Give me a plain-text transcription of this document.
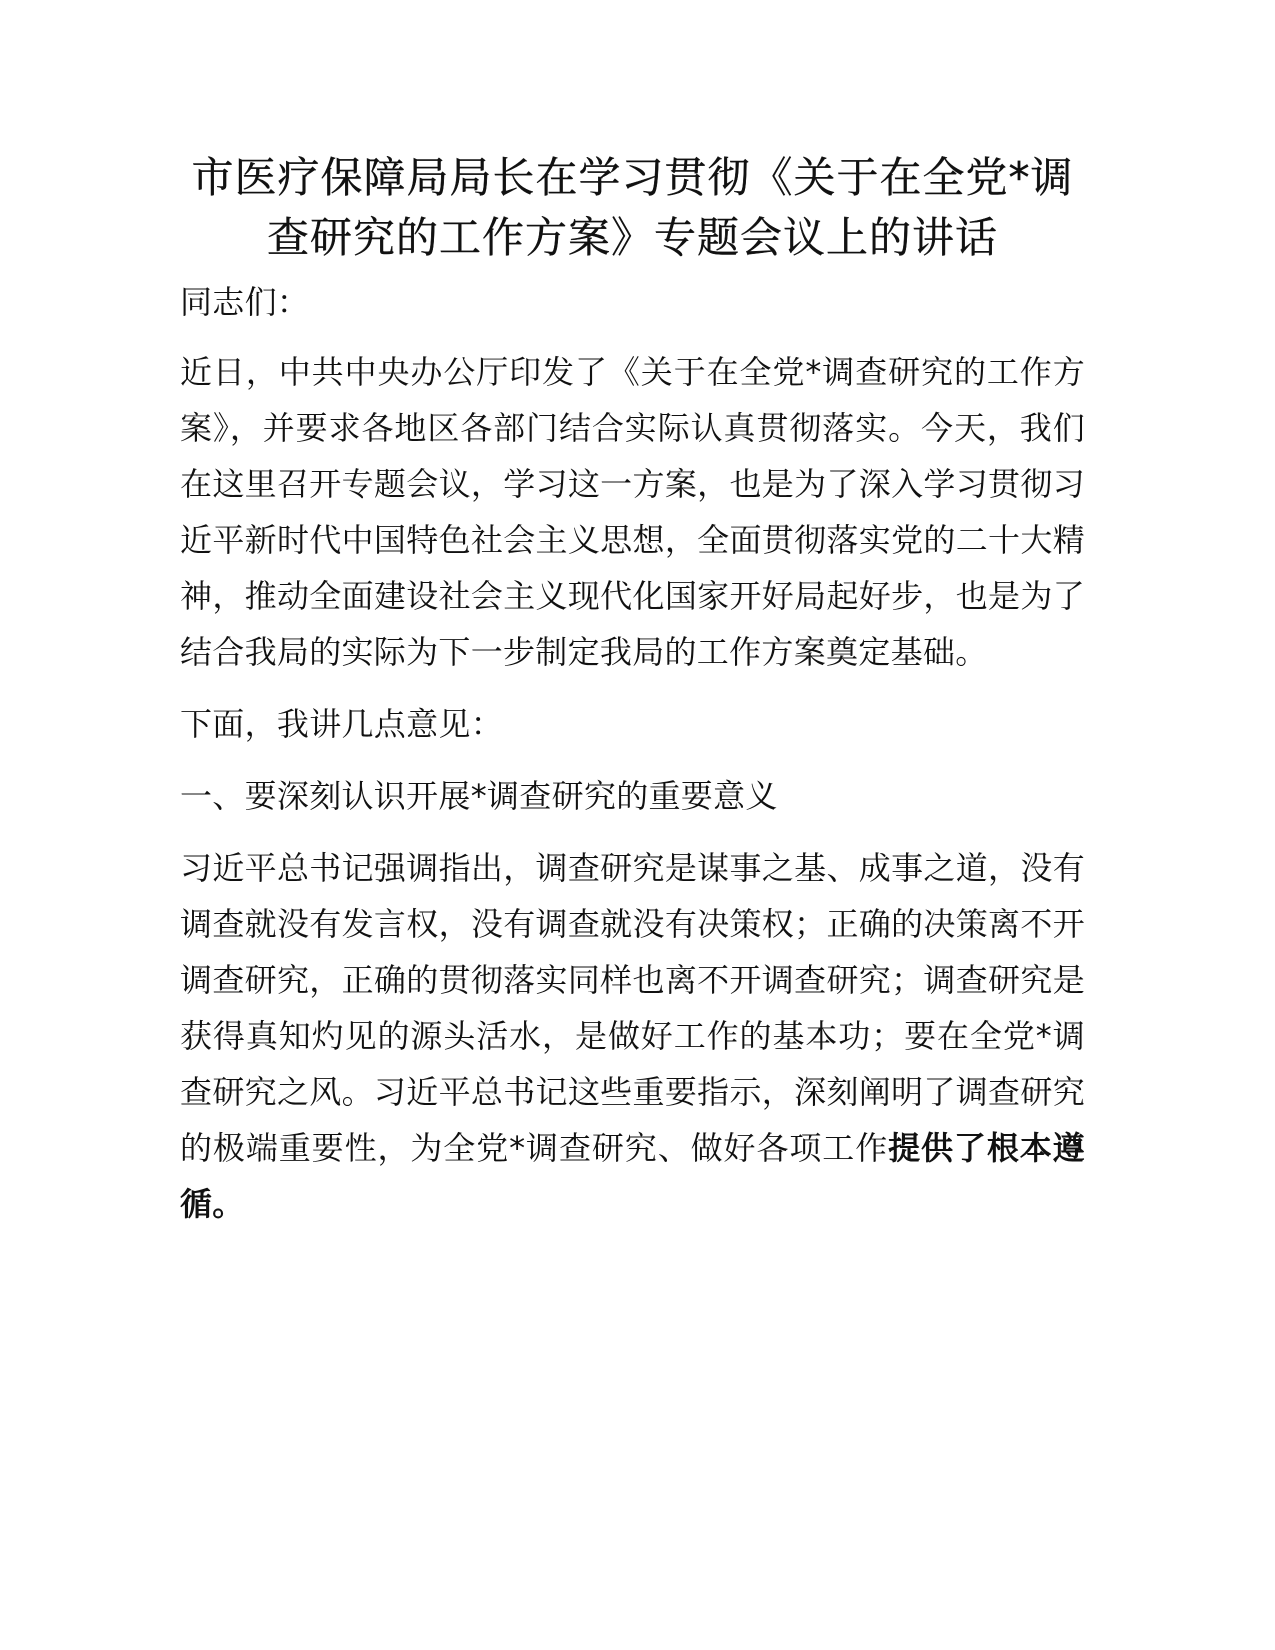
市医疗保障局局长在学习贯彻《关于在全党*调查研究的工作方案》专题会议上的讲话

同志们：

近日，中共中央办公厅印发了《关于在全党*调查研究的工作方案》，并要求各地区各部门结合实际认真贯彻落实。今天，我们在这里召开专题会议，学习这一方案，也是为了深入学习贯彻习近平新时代中国特色社会主义思想，全面贯彻落实党的二十大精神，推动全面建设社会主义现代化国家开好局起好步，也是为了结合我局的实际为下一步制定我局的工作方案奠定基础。

下面，我讲几点意见：

一、要深刻认识开展*调查研究的重要意义

习近平总书记强调指出，调查研究是谋事之基、成事之道，没有调查就没有发言权，没有调查就没有决策权；正确的决策离不开调查研究，正确的贯彻落实同样也离不开调查研究；调查研究是获得真知灼见的源头活水，是做好工作的基本功；要在全党*调查研究之风。习近平总书记这些重要指示，深刻阐明了调查研究的极端重要性，为全党*调查研究、做好各项工作提供了根本遵循。
